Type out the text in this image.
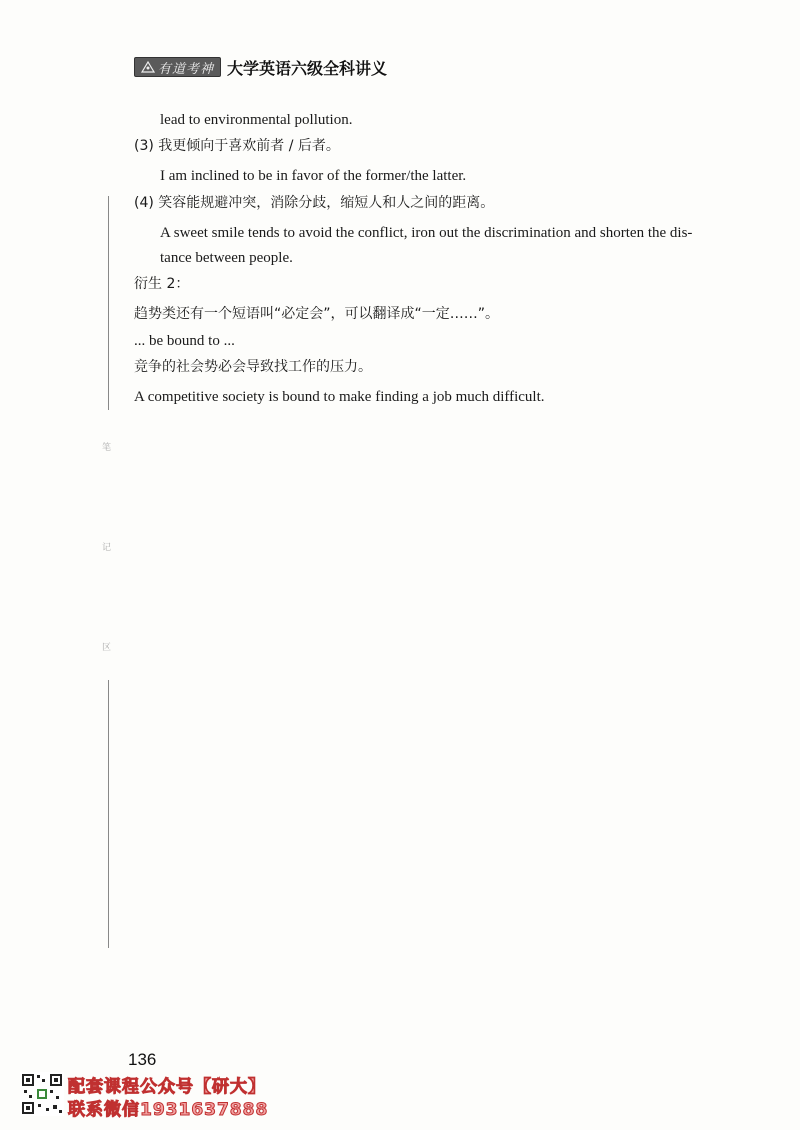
有道考神 大学英语六级全科讲义
笔
记
区
lead to environmental pollution.
(3) 我更倾向于喜欢前者 / 后者。
I am inclined to be in favor of the former/the latter.
(4) 笑容能规避冲突，消除分歧，缩短人和人之间的距离。
A sweet smile tends to avoid the conflict, iron out the discrimination and shorten the dis-
tance between people.
衍生 2：
趋势类还有一个短语叫“必定会”，可以翻译成“一定……”。
... be bound to ...
竞争的社会势必会导致找工作的压力。
A competitive society is bound to make finding a job much difficult.
136
配套课程公众号【研大】
联系微信1931637888
